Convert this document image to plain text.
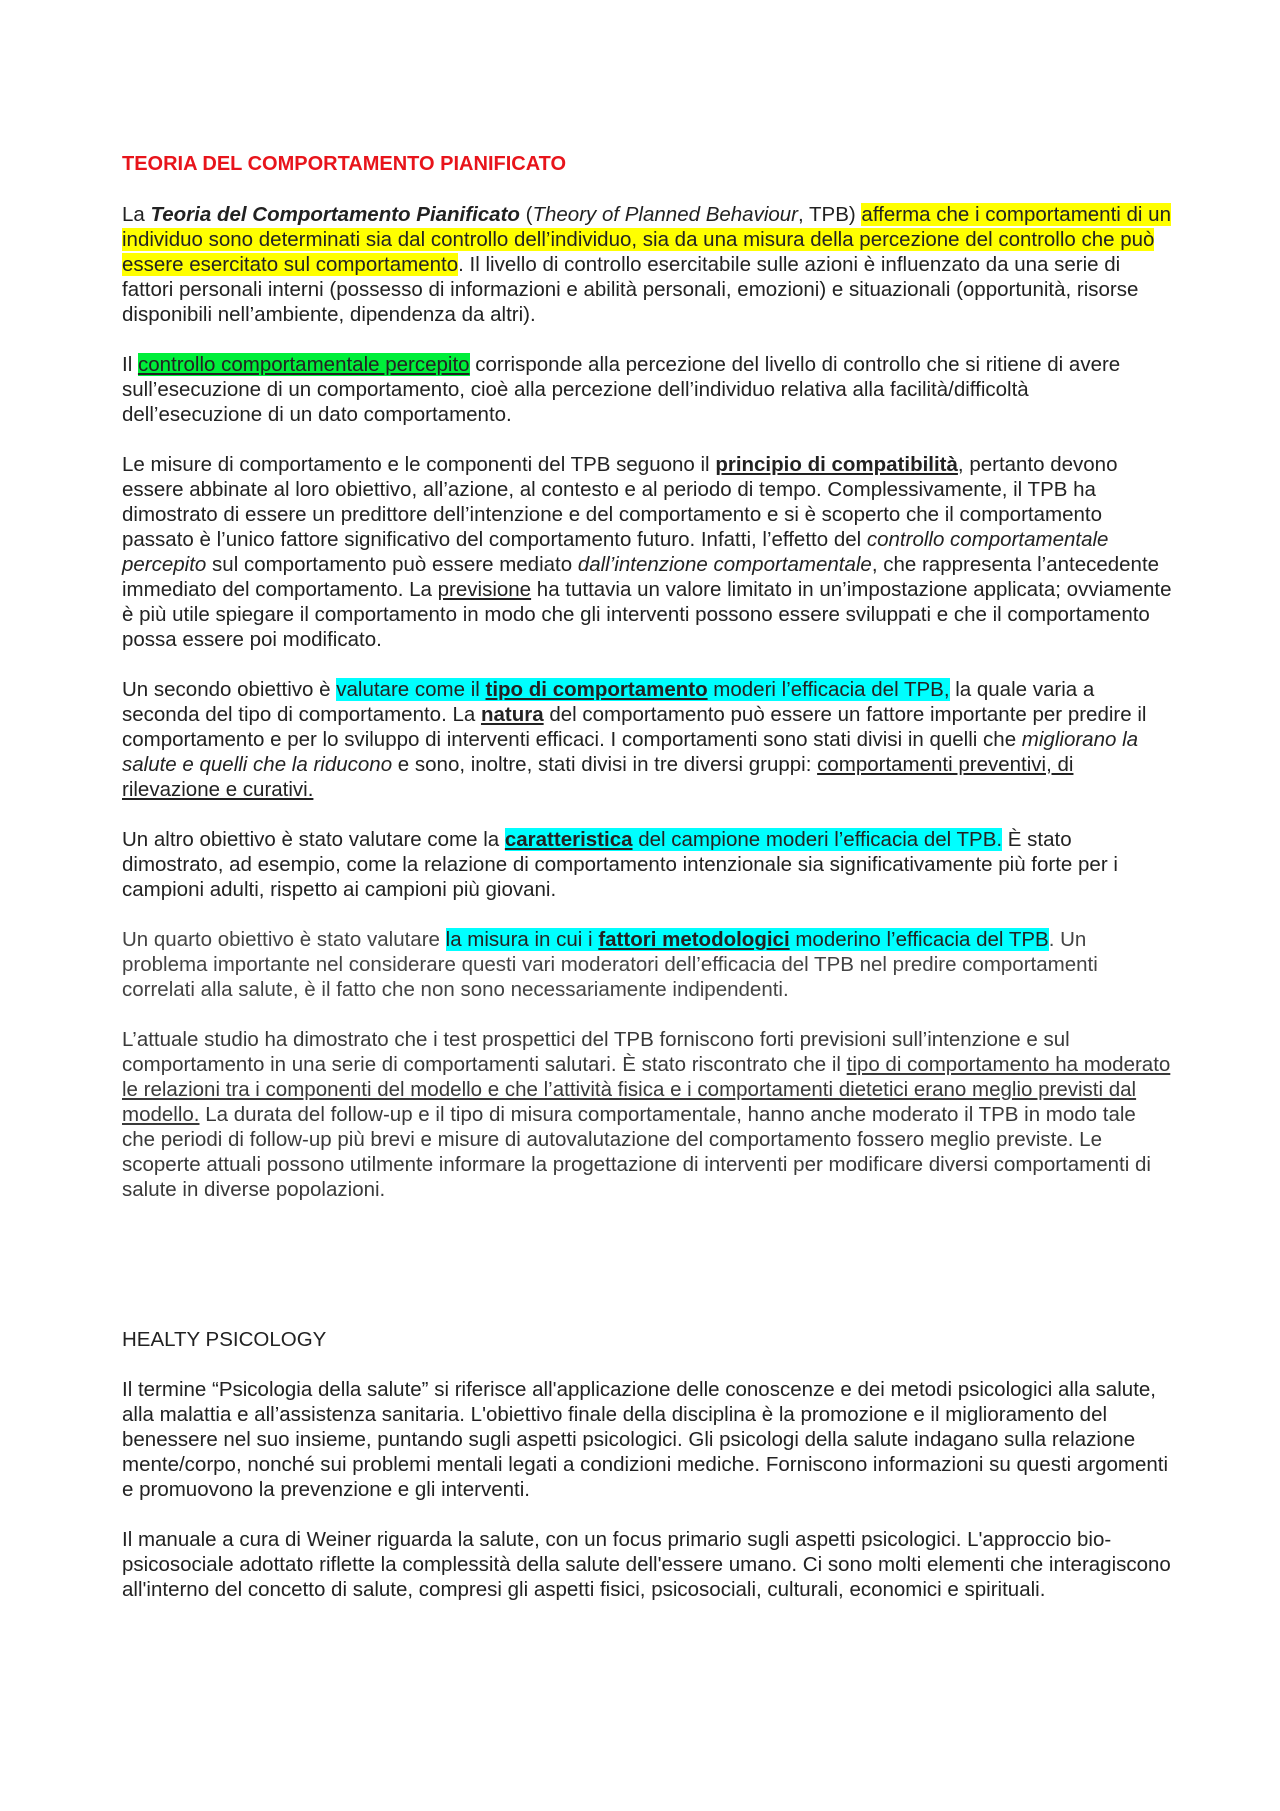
TEORIA DEL COMPORTAMENTO PIANIFICATO

La Teoria del Comportamento Pianificato (Theory of Planned Behaviour, TPB) afferma che i comportamenti di un individuo sono determinati sia dal controllo dell’individuo, sia da una misura della percezione del controllo che può essere esercitato sul comportamento. Il livello di controllo esercitabile sulle azioni è influenzato da una serie di fattori personali interni (possesso di informazioni e abilità personali, emozioni) e situazionali (opportunità, risorse disponibili nell’ambiente, dipendenza da altri).

Il controllo comportamentale percepito corrisponde alla percezione del livello di controllo che si ritiene di avere sull’esecuzione di un comportamento, cioè alla percezione dell’individuo relativa alla facilità/difficoltà dell’esecuzione di un dato comportamento.

Le misure di comportamento e le componenti del TPB seguono il principio di compatibilità, pertanto devono essere abbinate al loro obiettivo, all’azione, al contesto e al periodo di tempo. Complessivamente, il TPB ha dimostrato di essere un predittore dell’intenzione e del comportamento e si è scoperto che il comportamento passato è l’unico fattore significativo del comportamento futuro. Infatti, l’effetto del controllo comportamentale percepito sul comportamento può essere mediato dall’intenzione comportamentale, che rappresenta l’antecedente immediato del comportamento. La previsione ha tuttavia un valore limitato in un’impostazione applicata; ovviamente è più utile spiegare il comportamento in modo che gli interventi possono essere sviluppati e che il comportamento possa essere poi modificato.

Un secondo obiettivo è valutare come il tipo di comportamento moderi l’efficacia del TPB, la quale varia a seconda del tipo di comportamento. La natura del comportamento può essere un fattore importante per predire il comportamento e per lo sviluppo di interventi efficaci. I comportamenti sono stati divisi in quelli che migliorano la salute e quelli che la riducono e sono, inoltre, stati divisi in tre diversi gruppi: comportamenti preventivi, di rilevazione e curativi.

Un altro obiettivo è stato valutare come la caratteristica del campione moderi l’efficacia del TPB. È stato dimostrato, ad esempio, come la relazione di comportamento intenzionale sia significativamente più forte per i campioni adulti, rispetto ai campioni più giovani.

Un quarto obiettivo è stato valutare la misura in cui i fattori metodologici moderino l’efficacia del TPB. Un problema importante nel considerare questi vari moderatori dell’efficacia del TPB nel predire comportamenti correlati alla salute, è il fatto che non sono necessariamente indipendenti.

L’attuale studio ha dimostrato che i test prospettici del TPB forniscono forti previsioni sull’intenzione e sul comportamento in una serie di comportamenti salutari. È stato riscontrato che il tipo di comportamento ha moderato le relazioni tra i componenti del modello e che l’attività fisica e i comportamenti dietetici erano meglio previsti dal modello. La durata del follow-up e il tipo di misura comportamentale, hanno anche moderato il TPB in modo tale che periodi di follow-up più brevi e misure di autovalutazione del comportamento fossero meglio previste. Le scoperte attuali possono utilmente informare la progettazione di interventi per modificare diversi comportamenti di salute in diverse popolazioni.

HEALTY PSICOLOGY

Il termine “Psicologia della salute” si riferisce all'applicazione delle conoscenze e dei metodi psicologici alla salute, alla malattia e all’assistenza sanitaria. L'obiettivo finale della disciplina è la promozione e il miglioramento del benessere nel suo insieme, puntando sugli aspetti psicologici. Gli psicologi della salute indagano sulla relazione mente/corpo, nonché sui problemi mentali legati a condizioni mediche. Forniscono informazioni su questi argomenti e promuovono la prevenzione e gli interventi.

Il manuale a cura di Weiner riguarda la salute, con un focus primario sugli aspetti psicologici. L'approccio bio-psicosociale adottato riflette la complessità della salute dell'essere umano. Ci sono molti elementi che interagiscono all'interno del concetto di salute, compresi gli aspetti fisici, psicosociali, culturali, economici e spirituali.
